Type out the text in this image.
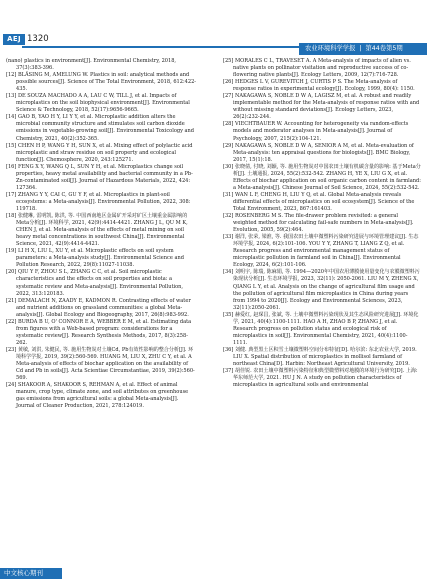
AEJ 1320
农业环境科学学报 | 第44卷第5期

(nano) plastics in environment[J]. Environmental Chemistry, 2018, 37(3):383-396.

[12] BLÄSING M, AMELUNG W. Plastics in soil: analytical methods and possible sources[J]. Science of The Total Environment, 2018, 612:422-435.

[13] DE SOUZA MACHADO A A, LAU C W, TILL J, et al. Impacts of microplastics on the soil biophysical environment[J]. Environmental Science & Technology, 2018, 52(17):9656-9665.

[14] GAO B, YAO H Y, LI Y Y, et al. Microplastic addition alters the microbial community structure and stimulates soil carbon dioxide emissions in vegetable-growing soil[J]. Environmental Toxicology and Chemistry, 2021, 40(2):352-365.

[15] CHEN H P, WANG Y H, SUN X, et al. Mixing effect of polylactic acid microplastic and straw residue on soil property and ecological function[J]. Chemosphere, 2020, 243:125271.

[16] FENG X Y, WANG Q L, SUN Y H, et al. Microplastics change soil properties, heavy metal availability and bacterial community in a Pb-Zn-contaminated soil[J]. Journal of Hazardous Materials, 2022, 424: 127364.

[17] ZHANG Y Y, CAI C, GU Y F, et al. Microplastics in plant-soil ecosystems: a Meta-analysis[J]. Environmental Pollution, 2022, 308: 119718.

[18] 张健琳, 雷明凯, 陈洪, 等. 中国西南地区金属矿开采对矿区土壤重金属影响的Meta分析[J]. 环境科学, 2021, 42(9):4414-4421. ZHANG J L, QU M K, CHEN J, et al. Meta-analysis of the effects of metal mining on soil heavy metal concentrations in southwest China[J]. Environmental Science, 2021, 42(9):4414-4421.

[19] LI H X, LIU L, XU Y, et al. Microplastic effects on soil system parameters: a Meta-analysis study[J]. Environmental Science and Pollution Research, 2022, 29(8):11027-11038.

[20] QIU Y F, ZHOU S L, ZHANG C C, et al. Soil microplastic characteristics and the effects on soil properties and biota: a systematic review and Meta-analysis[J]. Environmental Pollution, 2022, 313:120183.

[21] DEMALACH N, ZAADY E, KADMON R. Contrasting effects of water and nutrient additions on grassland communities: a global Meta-analysis[J]. Global Ecology and Biogeography, 2017, 26(8):983-992.

[22] BURDA B U, O' CONNOR E A, WEBBER E M, et al. Estimating data from figures with a Web-based program: considerations for a systematic review[J]. Research Synthesis Methods, 2017, 8(3):258-262.

[23] 黄敏, 刘洪, 朱健民, 等. 施用生物炭对土壤Cd, Pb有效性影响的整合分析[J]. 环境科学学报, 2019, 39(2):560-569. HUANG M, LIU X, ZHU C Y, et al. A Meta-analysis of effects of biochar application on the availability of Cd and Pb in soils[J]. Acta Scientiae Circumstantiae, 2019, 39(2):560-569.

[24] SHAKOOR A, SHAKOOR S, REHMAN A, et al. Effect of animal manure, crop type, climate zone, and soil attributes on greenhouse gas emissions from agricultural soils: a global Meta-analysis[J]. Journal of Cleaner Production, 2021, 278:124019.

[25] MORALES C L, TRAVESET A. A Meta-analysis of impacts of alien vs. native plants on pollinator visitation and reproductive success of co-flowering native plants[J]. Ecology Letters, 2009, 12(7):716-728.

[26] HEDGES L V, GUREVITCH J, CURTIS P S. The Meta-analysis of response ratios in experimental ecology[J]. Ecology, 1999, 80(4): 1150.

[27] NAKAGAWA S, NOBLE D W A, LAGISZ M, et al. A robust and readily implementable method for the Meta-analysis of response ratios with and without missing standard deviations[J]. Ecology Letters, 2023, 26(2):232-244.

[28] VIECHTBAUER W. Accounting for heterogeneity via random-effects models and moderator analyses in Meta-analysis[J]. Journal of Psychology, 2007, 215(2):104-121.

[29] NAKAGAWA S, NOBLE D W A, SENIOR A M, et al. Meta-evaluation of Meta-analysis: ten appraisal questions for biologists[J]. BMC Biology, 2017, 15(1):18.

[30] 张晓倩, 付晓, 刘颖, 等. 施用生物炭对中国农田土壤有机碳含量的影响: 基于Meta分析[J]. 土壤通报, 2024, 55(2):532-542. ZHANG H, YE X, LIU G X, et al. Effects of biochar application on soil organic carbon content in farmland: a Meta-analysis[J]. Chinese Journal of Soil Science, 2024, 55(2):532-542.

[31] WAN L F, CHENG H, LIU Y Q, et al. Global Meta-analysis reveals differential effects of microplastics on soil ecosystem[J]. Science of the Total Environment, 2023, 867:161403.

[32] ROSENBERG M S. The file-drawer problem revisited: a general weighted method for calculating fail-safe numbers in Meta-analysis[J]. Evolution, 2005, 59(2):464.

[33] 谢洋, 张荣, 梁淮, 等. 我国农田土壤中微塑料污染研究进展与环境管理建议[J]. 生态环境学报, 2024, 6(2):101-106. YOU Y Y, ZHANG T, LIANG Z Q, et al. Research progress and environmental management status of microplastic pollution in farmland soil in China[J]. Environmental Ecology, 2024, 6(2):101-106.

[34] 刘明宇, 陈瑞, 陈麻娟, 等. 1994—2020年中国农用薄膜使用量变化与农膜微塑料污染现状分析[J]. 生态环境学报, 2023, 32(11): 2050-2061. LIU M Y, ZHENG X, QIANG L Y, et al. Analysis on the change of agricultural film usage and the pollution of agricultural film microplastics in China during years from 1994 to 2020[J]. Ecology and Environmental Sciences, 2023, 32(11):2050-2061.

[35] 赫爱红, 赵琛昌, 张斌, 等. 土壤中微塑料污染现状及其生态风险研究进展[J]. 环境化学, 2021, 40(4):1100-1111. HAO A H, ZHAO B P, ZHANG J, et al. Research progress on pollution status and ecological risk of microplastics in soil[J]. Environmental Chemistry, 2021, 40(4):1100-1111.

[36] 刘健. 典型黑土区积雪土壤微塑料空间分布特征[D]. 哈尔滨: 东北农业大学, 2019. LIU X. Spatial distribution of microplastics in mollisol farmland of northeast China[D]. Harbin: Northeast Agricultural University, 2019.

[37] 胡佳锐. 农田土壤中微塑料污染特征和典型微塑料对地膜的环境行为研究[D]. 上海: 华东师范大学, 2021. HU J N. A study on pollution characteristics of microplastics in agricultural soils and environmental

中文核心期刊
